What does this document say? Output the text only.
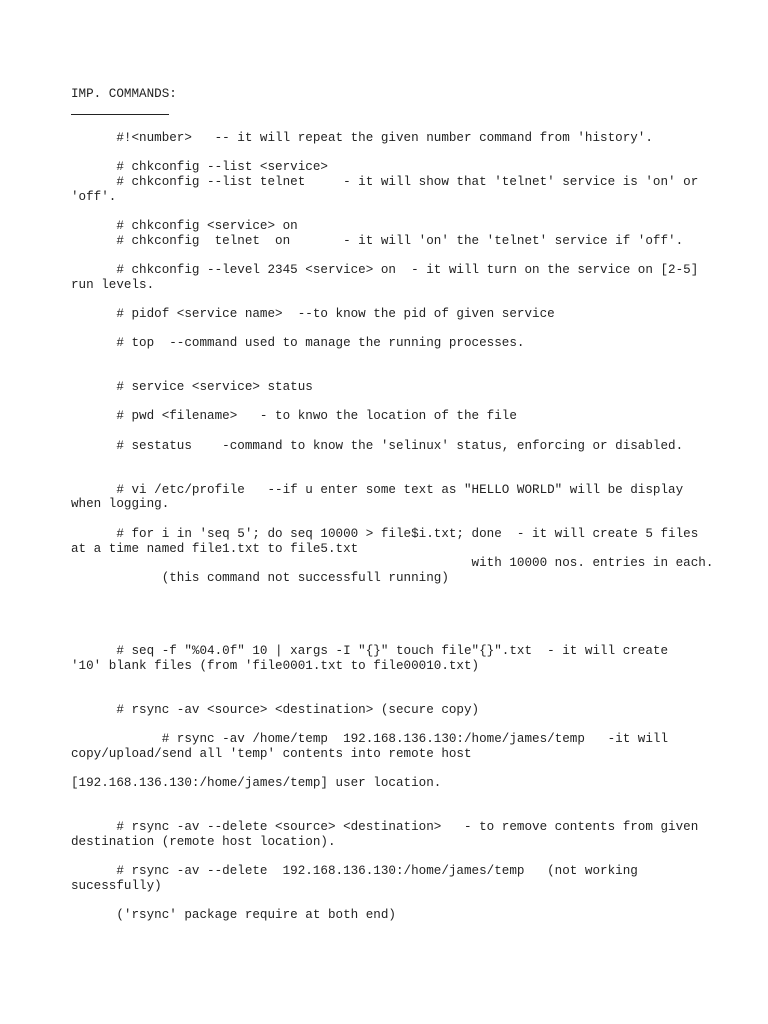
IMP. COMMANDS:
#!<number>   -- it will repeat the given number command from 'history'.
# chkconfig --list <service>
# chkconfig --list telnet     - it will show that 'telnet' service is 'on' or
'off'.
# chkconfig <service> on
# chkconfig  telnet  on       - it will 'on' the 'telnet' service if 'off'.
# chkconfig --level 2345 <service> on  - it will turn on the service on [2-5]
run levels.
# pidof <service name>  --to know the pid of given service
# top  --command used to manage the running processes.
# service <service> status
# pwd <filename>   - to knwo the location of the file
# sestatus    -command to know the 'selinux' status, enforcing or disabled.
# vi /etc/profile   --if u enter some text as "HELLO WORLD" will be display
when logging.
# for i in 'seq 5'; do seq 10000 > file$i.txt; done  - it will create 5 files
at a time named file1.txt to file5.txt
with 10000 nos. entries in each.
(this command not successfull running)
# seq -f "%04.0f" 10 | xargs -I "{}" touch file"{}".txt  - it will create
'10' blank files (from 'file0001.txt to file00010.txt)
# rsync -av <source> <destination> (secure copy)
# rsync -av /home/temp  192.168.136.130:/home/james/temp   -it will
copy/upload/send all 'temp' contents into remote host
[192.168.136.130:/home/james/temp] user location.
# rsync -av --delete <source> <destination>   - to remove contents from given
destination (remote host location).
# rsync -av --delete  192.168.136.130:/home/james/temp   (not working
sucessfully)
('rsync' package require at both end)
